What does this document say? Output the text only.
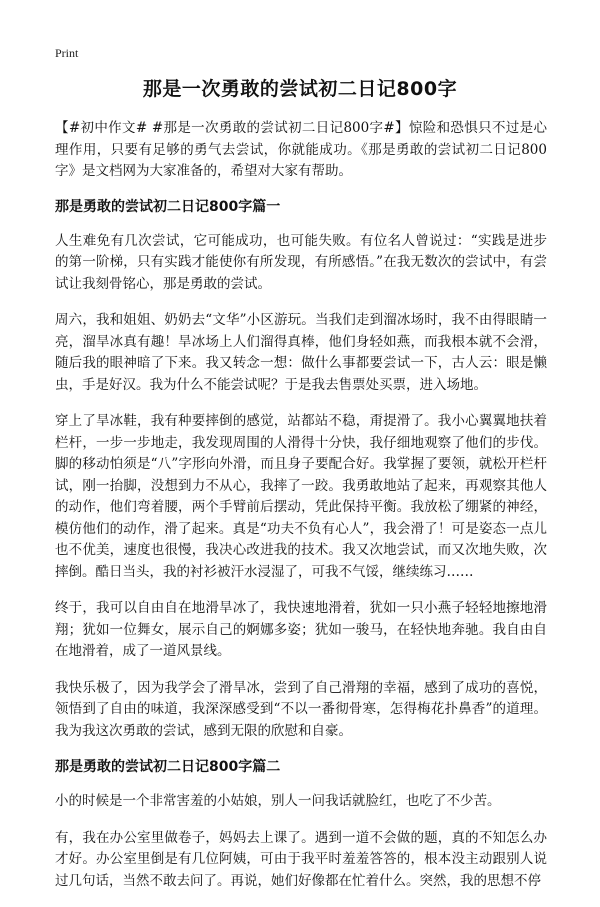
Print
那是一次勇敢的尝试初二日记800字

【#初中作文# #那是一次勇敢的尝试初二日记800字#】惊险和恐惧只不过是心理作用，只要有足够的勇气去尝试，你就能成功。《那是勇敢的尝试初二日记800字》是文档网为大家准备的，希望对大家有帮助。

那是勇敢的尝试初二日记800字篇一

人生难免有几次尝试，它可能成功，也可能失败。有位名人曾说过：“实践是进步的第一阶梯，只有实践才能使你有所发现，有所感悟。”在我无数次的尝试中，有尝试让我刻骨铭心，那是勇敢的尝试。

周六，我和姐姐、奶奶去“文华”小区游玩。当我们走到溜冰场时，我不由得眼睛一亮，溜旱冰真有趣！旱冰场上人们溜得真棒，他们身轻如燕，而我根本就不会滑，随后我的眼神暗了下来。我又转念一想：做什么事都要尝试一下，古人云：眼是懒虫，手是好汉。我为什么不能尝试呢？于是我去售票处买票，进入场地。

穿上了旱冰鞋，我有种要摔倒的感觉，站都站不稳，甭提滑了。我小心翼翼地扶着栏杆，一步一步地走，我发现周围的人滑得十分快，我仔细地观察了他们的步伐。脚的移动怕须是“八”字形向外滑，而且身子要配合好。我掌握了要领，就松开栏杆试，刚一抬脚，没想到力不从心，我摔了一跤。我勇敢地站了起来，再观察其他人的动作，他们弯着腰，两个手臂前后摆动，凭此保持平衡。我放松了绷紧的神经，模仿他们的动作，滑了起来。真是“功夫不负有心人”，我会滑了！可是姿态一点儿也不优美，速度也很慢，我决心改进我的技术。我又次地尝试，而又次地失败，次摔倒。酷日当头，我的衬衫被汗水浸湿了，可我不气馁，继续练习……

终于，我可以自由自在地滑旱冰了，我快速地滑着，犹如一只小燕子轻轻地擦地滑翔；犹如一位舞女，展示自己的婀娜多姿；犹如一骏马，在轻快地奔驰。我自由自在地滑着，成了一道风景线。

我快乐极了，因为我学会了滑旱冰，尝到了自己滑翔的幸福，感到了成功的喜悦，领悟到了自由的味道，我深深感受到“不以一番彻骨寒，怎得梅花扑鼻香”的道理。我为我这次勇敢的尝试，感到无限的欣慰和自豪。

那是勇敢的尝试初二日记800字篇二

小的时候是一个非常害羞的小姑娘，别人一问我话就脸红，也吃了不少苦。

有，我在办公室里做卷子，妈妈去上课了。遇到一道不会做的题，真的不知怎么办才好。办公室里倒是有几位阿姨，可由于我平时羞羞答答的，根本没主动跟别人说过几句话，当然不敢去问了。再说，她们好像都在忙着什么。突然，我的思想不停
